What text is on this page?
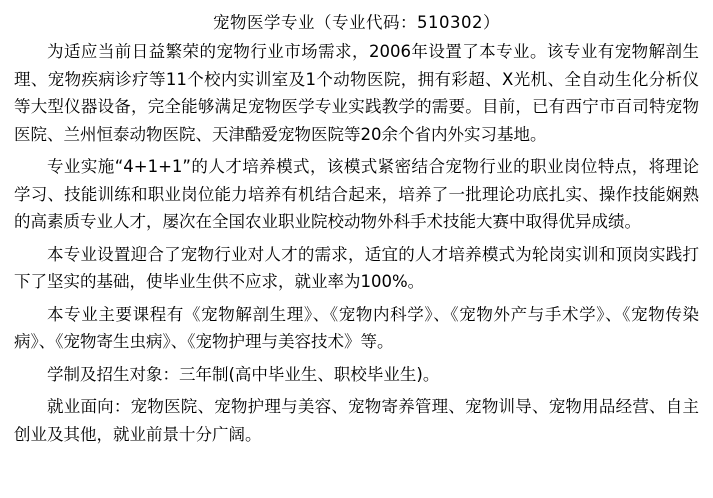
宠物医学专业（专业代码：510302）

为适应当前日益繁荣的宠物行业市场需求，2006年设置了本专业。该专业有宠物解剖生理、宠物疾病诊疗等11个校内实训室及1个动物医院，拥有彩超、X光机、全自动生化分析仪等大型仪器设备，完全能够满足宠物医学专业实践教学的需要。目前，已有西宁市百司特宠物医院、兰州恒泰动物医院、天津酷爱宠物医院等20余个省内外实习基地。

专业实施“4+1+1”的人才培养模式，该模式紧密结合宠物行业的职业岗位特点，将理论学习、技能训练和职业岗位能力培养有机结合起来，培养了一批理论功底扎实、操作技能娴熟的高素质专业人才，屡次在全国农业职业院校动物外科手术技能大赛中取得优异成绩。

本专业设置迎合了宠物行业对人才的需求，适宜的人才培养模式为轮岗实训和顶岗实践打下了坚实的基础，使毕业生供不应求，就业率为100%。

本专业主要课程有《宠物解剖生理》、《宠物内科学》、《宠物外产与手术学》、《宠物传染病》、《宠物寄生虫病》、《宠物护理与美容技术》等。

学制及招生对象：三年制(高中毕业生、职校毕业生)。

就业面向：宠物医院、宠物护理与美容、宠物寄养管理、宠物训导、宠物用品经营、自主创业及其他，就业前景十分广阔。
